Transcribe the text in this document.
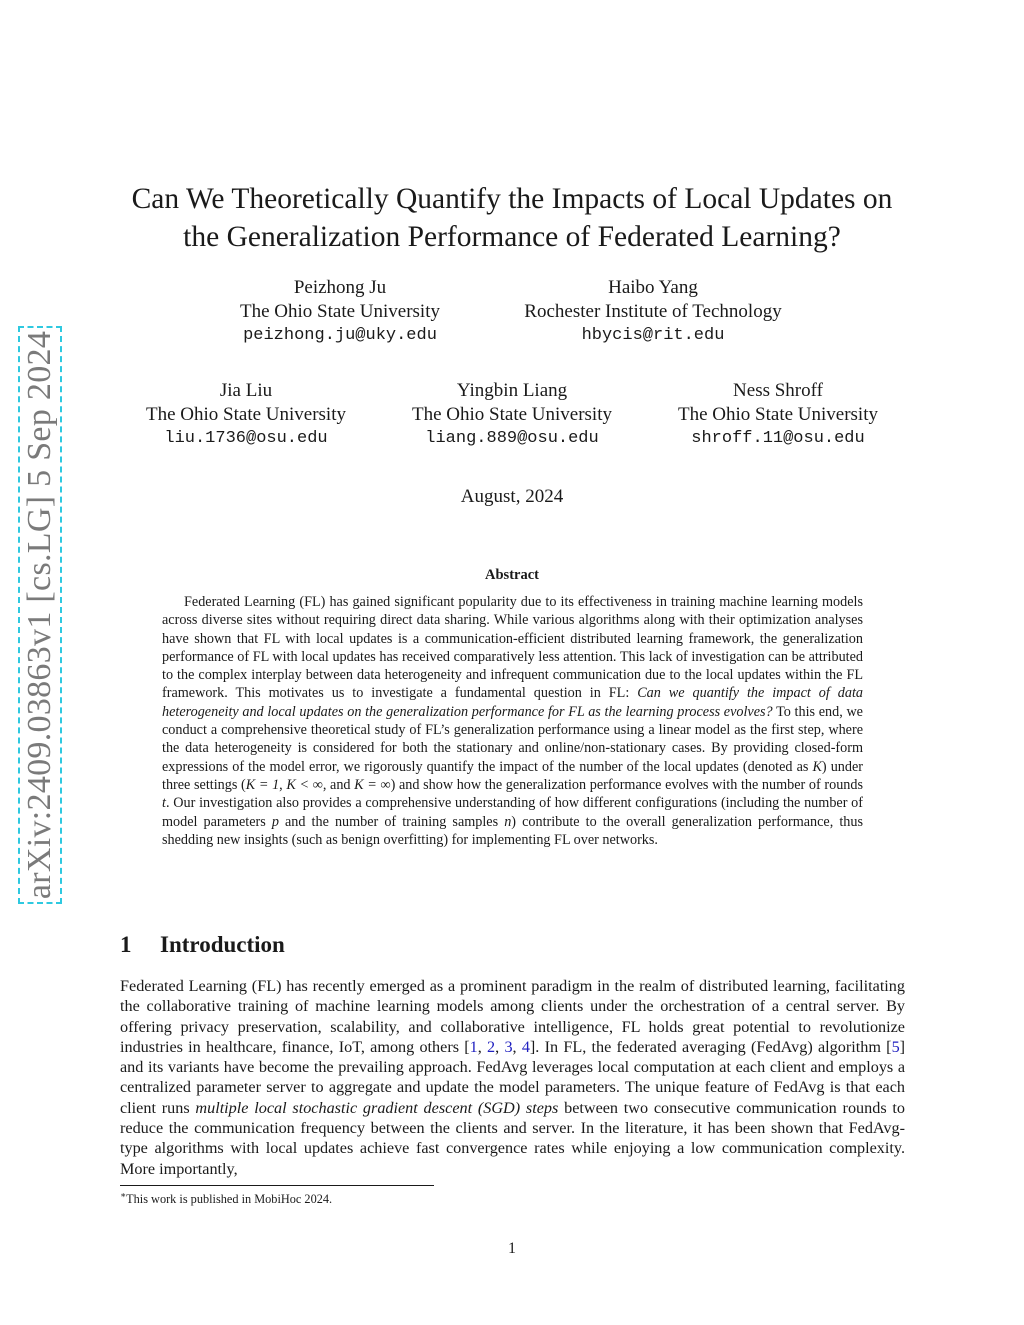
arXiv:2409.03863v1 [cs.LG] 5 Sep 2024
Can We Theoretically Quantify the Impacts of Local Updates on
the Generalization Performance of Federated Learning?
Peizhong Ju
The Ohio State University
peizhong.ju@uky.edu
Haibo Yang
Rochester Institute of Technology
hbycis@rit.edu
Jia Liu
The Ohio State University
liu.1736@osu.edu
Yingbin Liang
The Ohio State University
liang.889@osu.edu
Ness Shroff
The Ohio State University
shroff.11@osu.edu
August, 2024
Abstract

Federated Learning (FL) has gained significant popularity due to its effectiveness in training machine learning models across diverse sites without requiring direct data sharing. While various algorithms along with their optimization analyses have shown that FL with local updates is a communication-efficient distributed learning framework, the generalization performance of FL with local updates has received comparatively less attention. This lack of investigation can be attributed to the complex interplay between data heterogeneity and infrequent communication due to the local updates within the FL framework. This motivates us to investigate a fundamental question in FL: Can we quantify the impact of data heterogeneity and local updates on the generalization performance for FL as the learning process evolves? To this end, we conduct a comprehensive theoretical study of FL’s generalization performance using a linear model as the first step, where the data heterogeneity is considered for both the stationary and online/non-stationary cases. By providing closed-form expressions of the model error, we rigorously quantify the impact of the number of the local updates (denoted as K) under three settings (K = 1, K < ∞, and K = ∞) and show how the generalization performance evolves with the number of rounds t. Our investigation also provides a comprehensive understanding of how different configurations (including the number of model parameters p and the number of training samples n) contribute to the overall generalization performance, thus shedding new insights (such as benign overfitting) for implementing FL over networks.

1 Introduction

Federated Learning (FL) has recently emerged as a prominent paradigm in the realm of distributed learning, facilitating the collaborative training of machine learning models among clients under the orchestration of a central server. By offering privacy preservation, scalability, and collaborative intelligence, FL holds great potential to revolutionize industries in healthcare, finance, IoT, among others [1, 2, 3, 4]. In FL, the federated averaging (FedAvg) algorithm [5] and its variants have become the prevailing approach. FedAvg leverages local computation at each client and employs a centralized parameter server to aggregate and update the model parameters. The unique feature of FedAvg is that each client runs multiple local stochastic gradient descent (SGD) steps between two consecutive communication rounds to reduce the communication frequency between the clients and server. In the literature, it has been shown that FedAvg-type algorithms with local updates achieve fast convergence rates while enjoying a low communication complexity. More importantly,

∗This work is published in MobiHoc 2024.
1
